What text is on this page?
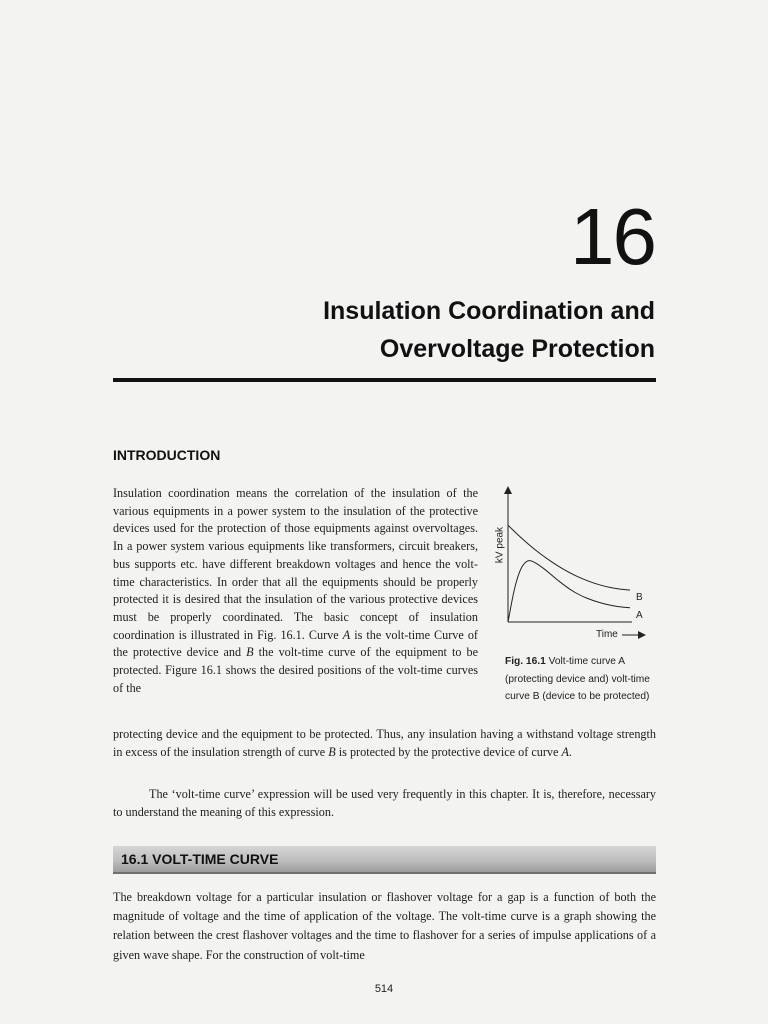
16
Insulation Coordination and
Overvoltage Protection
INTRODUCTION

Insulation coordination means the correlation of the insulation of the various equipments in a power system to the insulation of the protective devices used for the protection of those equipments against overvoltages. In a power system various equipments like transformers, circuit breakers, bus supports etc. have different breakdown voltages and hence the volt-time characteristics. In order that all the equipments should be properly protected it is desired that the insulation of the various protective devices must be properly coordinated. The basic concept of insulation coordination is illustrated in Fig. 16.1. Curve A is the volt-time Curve of the protective device and B the volt-time curve of the equipment to be protected. Figure 16.1 shows the desired positions of the volt-time curves of the

protecting device and the equipment to be protected. Thus, any insulation having a withstand voltage strength in excess of the insulation strength of curve B is protected by the protective device of curve A.

The ‘volt-time curve’ expression will be used very frequently in this chapter. It is, therefore, necessary to understand the meaning of this expression.

kV peak
Time
B
A

Fig. 16.1 Volt-time curve A (protecting device and) volt-time curve B (device to be protected)

16.1 VOLT-TIME CURVE

The breakdown voltage for a particular insulation or flashover voltage for a gap is a function of both the magnitude of voltage and the time of application of the voltage. The volt-time curve is a graph showing the relation between the crest flashover voltages and the time to flashover for a series of impulse applications of a given wave shape. For the construction of volt-time

514
